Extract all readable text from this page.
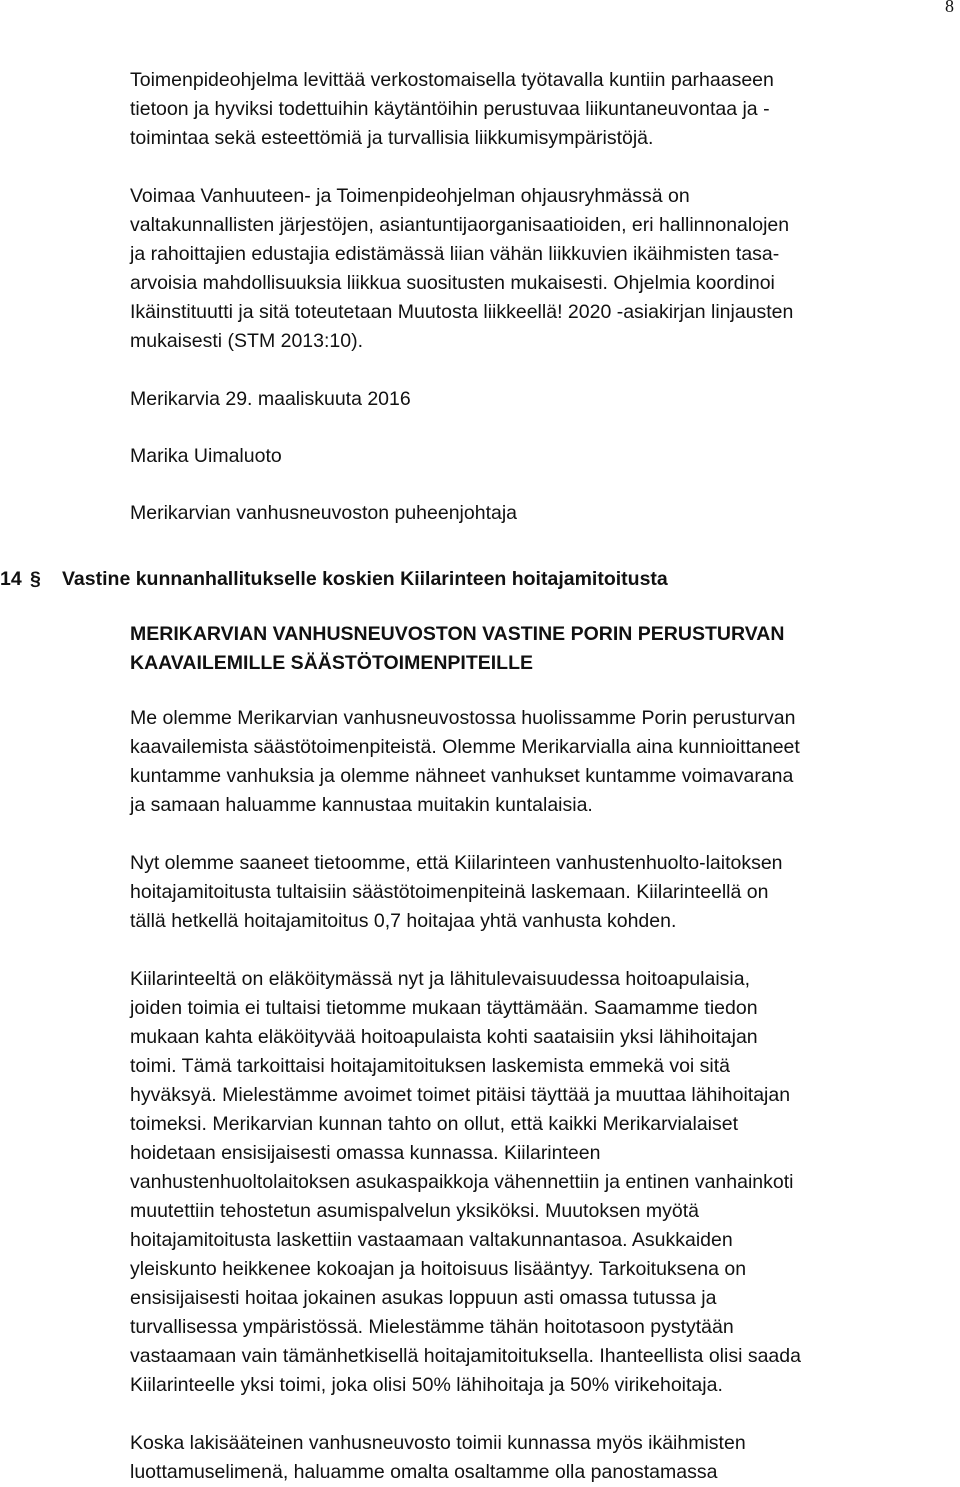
8

Toimenpideohjelma levittää verkostomaisella työtavalla kuntiin parhaaseen
tietoon ja hyviksi todettuihin käytäntöihin perustuvaa liikuntaneuvontaa ja -
toimintaa sekä esteettömiä ja turvallisia liikkumisympäristöjä.

Voimaa Vanhuuteen- ja Toimenpideohjelman ohjausryhmässä on
valtakunnallisten järjestöjen, asiantuntijaorganisaatioiden, eri hallinnonalojen
ja rahoittajien edustajia edistämässä liian vähän liikkuvien ikäihmisten tasa-
arvoisia mahdollisuuksia liikkua suositusten mukaisesti. Ohjelmia koordinoi
Ikäinstituutti ja sitä toteutetaan Muutosta liikkeellä! 2020 -asiakirjan linjausten
mukaisesti (STM 2013:10).

Merikarvia 29. maaliskuuta 2016

Marika Uimaluoto

Merikarvian vanhusneuvoston puheenjohtaja

14 § Vastine kunnanhallitukselle koskien Kiilarinteen hoitajamitoitusta
MERIKARVIAN VANHUSNEUVOSTON VASTINE PORIN PERUSTURVAN
KAAVAILEMILLE SÄÄSTÖTOIMENPITEILLE

Me olemme Merikarvian vanhusneuvostossa huolissamme Porin perusturvan
kaavailemista säästötoimenpiteistä. Olemme Merikarvialla aina kunnioittaneet
kuntamme vanhuksia ja olemme nähneet vanhukset kuntamme voimavarana
ja samaan haluamme kannustaa muitakin kuntalaisia.

Nyt olemme saaneet tietoomme, että Kiilarinteen vanhustenhuolto-laitoksen
hoitajamitoitusta tultaisiin säästötoimenpiteinä laskemaan. Kiilarinteellä on
tällä hetkellä hoitajamitoitus 0,7 hoitajaa yhtä vanhusta kohden.

Kiilarinteeltä on eläköitymässä nyt ja lähitulevaisuudessa hoitoapulaisia,
joiden toimia ei tultaisi tietomme mukaan täyttämään. Saamamme tiedon
mukaan kahta eläköityvää hoitoapulaista kohti saataisiin yksi lähihoitajan
toimi. Tämä tarkoittaisi hoitajamitoituksen laskemista emmekä voi sitä
hyväksyä. Mielestämme avoimet toimet pitäisi täyttää ja muuttaa lähihoitajan
toimeksi. Merikarvian kunnan tahto on ollut, että kaikki Merikarvialaiset
hoidetaan ensisijaisesti omassa kunnassa. Kiilarinteen
vanhustenhuoltolaitoksen asukaspaikkoja vähennettiin ja entinen vanhainkoti
muutettiin tehostetun asumispalvelun yksiköksi. Muutoksen myötä
hoitajamitoitusta laskettiin vastaamaan valtakunnantasoa. Asukkaiden
yleiskunto heikkenee kokoajan ja hoitoisuus lisääntyy. Tarkoituksena on
ensisijaisesti hoitaa jokainen asukas loppuun asti omassa tutussa ja
turvallisessa ympäristössä. Mielestämme tähän hoitotasoon pystytään
vastaamaan vain tämänhetkisellä hoitajamitoituksella. Ihanteellista olisi saada
Kiilarinteelle yksi toimi, joka olisi 50% lähihoitaja ja 50% virikehoitaja.

Koska lakisääteinen vanhusneuvosto toimii kunnassa myös ikäihmisten
luottamuselimenä, haluamme omalta osaltamme olla panostamassa
